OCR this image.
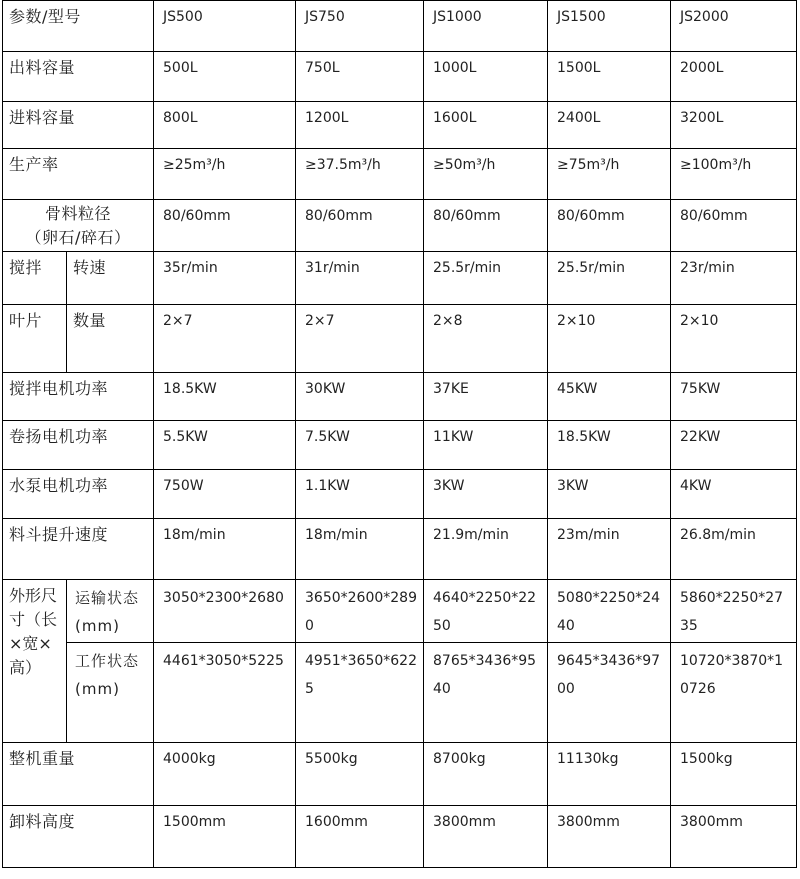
参数/型号		JS500	JS750	JS1000	JS1500	JS2000

出料容量		500L	750L	1000L	1500L	2000L

进料容量		800L	1200L	1600L	2400L	3200L

生产率		≥25m³/h	≥37.5m³/h	≥50m³/h	≥75m³/h	≥100m³/h

骨料粒径
（卵石/碎石）		80/60mm	80/60mm	80/60mm	80/60mm	80/60mm

搅拌	转速	35r/min	31r/min	25.5r/min	25.5r/min	23r/min

叶片	数量	2×7	2×7	2×8	2×10	2×10

搅拌电机功率		18.5KW	30KW	37KE	45KW	75KW

卷扬电机功率		5.5KW	7.5KW	11KW	18.5KW	22KW

水泵电机功率		750W	1.1KW	3KW	3KW	4KW

料斗提升速度		18m/min	18m/min	21.9m/min	23m/min	26.8m/min

外形尺寸（长×宽×高）	运输状态(mm)	3050*2300*2680	3650*2600*2890	4640*2250*2250	5080*2250*2440	5860*2250*2735

	工作状态(mm)	4461*3050*5225	4951*3650*6225	8765*3436*9540	9645*3436*9700	10720*3870*10726

整机重量		4000kg	5500kg	8700kg	11130kg	1500kg

卸料高度		1500mm	1600mm	3800mm	3800mm	3800mm
